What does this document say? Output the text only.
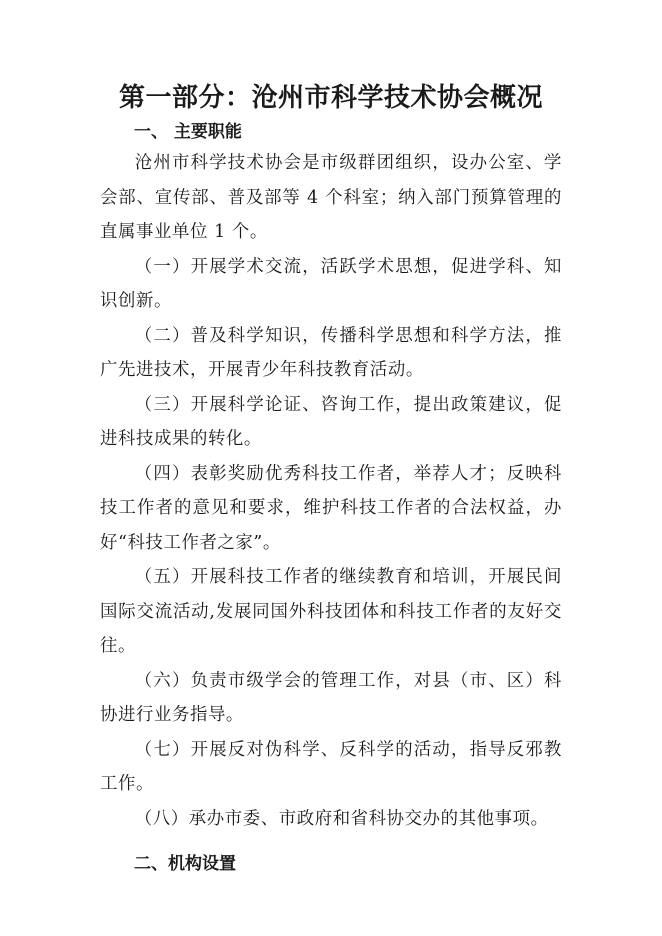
第一部分：沧州市科学技术协会概况
一、 主要职能

沧州市科学技术协会是市级群团组织，设办公室、学会部、宣传部、普及部等 4 个科室；纳入部门预算管理的直属事业单位 1 个。

（一）开展学术交流，活跃学术思想，促进学科、知识创新。

（二）普及科学知识，传播科学思想和科学方法，推广先进技术，开展青少年科技教育活动。

（三）开展科学论证、咨询工作，提出政策建议，促进科技成果的转化。

（四）表彰奖励优秀科技工作者，举荐人才；反映科技工作者的意见和要求，维护科技工作者的合法权益，办好“科技工作者之家”。

（五）开展科技工作者的继续教育和培训，开展民间国际交流活动,发展同国外科技团体和科技工作者的友好交往。

（六）负责市级学会的管理工作，对县（市、区）科协进行业务指导。

（七）开展反对伪科学、反科学的活动，指导反邪教工作。

（八）承办市委、市政府和省科协交办的其他事项。

二、机构设置
